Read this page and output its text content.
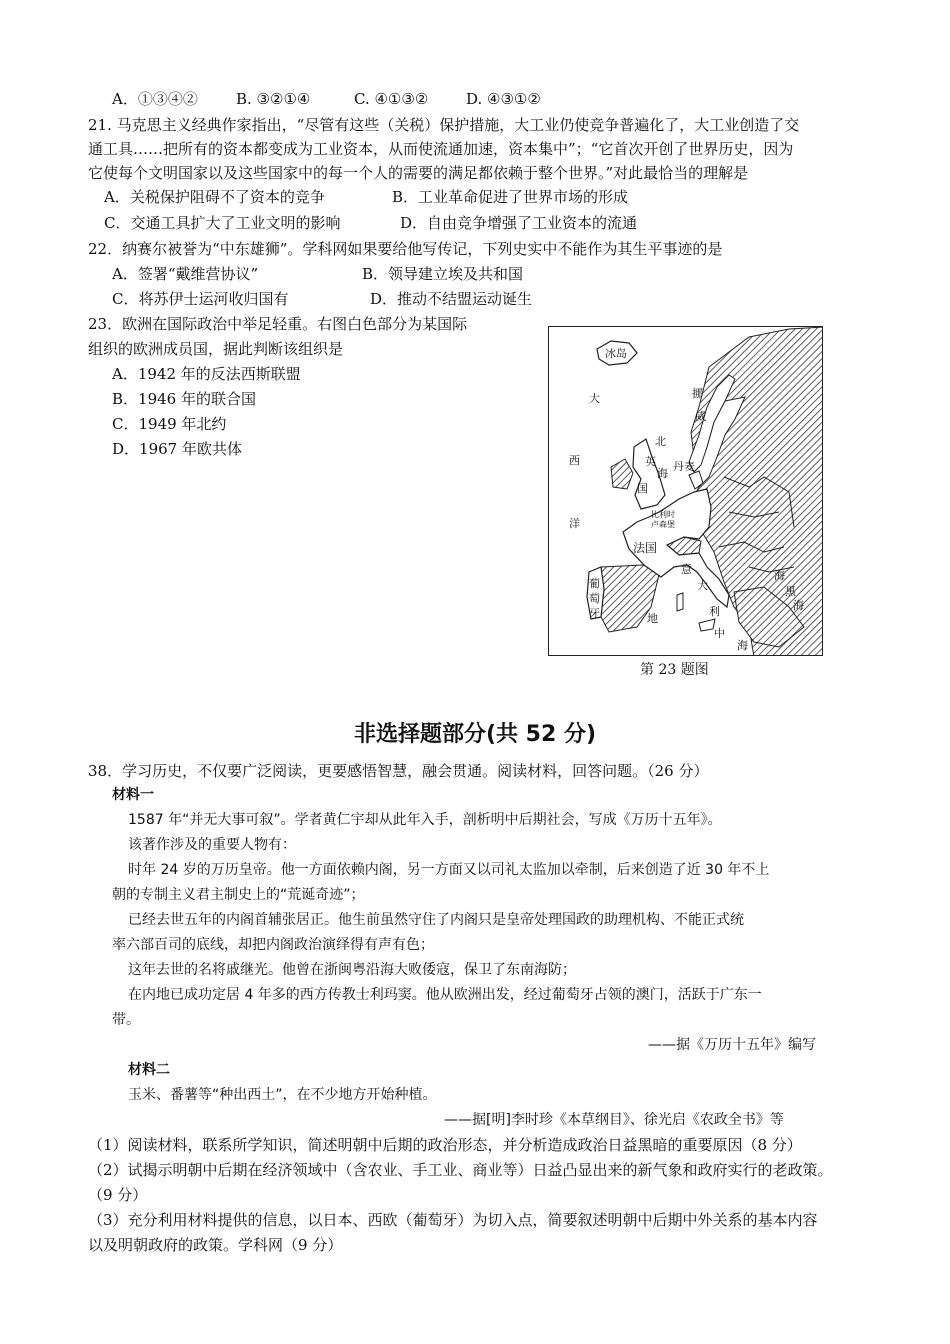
A．①③④②	B. ③②①④	C. ④①③②	D. ④③①②
21. 马克思主义经典作家指出，“尽管有这些（关税）保护措施，大工业仍使竞争普遍化了，大工业创造了交
通工具……把所有的资本都变成为工业资本，从而使流通加速，资本集中”；“它首次开创了世界历史，因为
它使每个文明国家以及这些国家中的每一个人的需要的满足都依赖于整个世界。”对此最恰当的理解是
A．关税保护阻碍不了资本的竞争	B．工业革命促进了世界市场的形成
C．交通工具扩大了工业文明的影响	D．自由竞争增强了工业资本的流通
22．纳赛尔被誉为“中东雄狮”。学科网如果要给他写传记，下列史实中不能作为其生平事迹的是
A．签署“戴维营协议”	B．领导建立埃及共和国
C．将苏伊士运河收归国有	D．推动不结盟运动诞生
23．欧洲在国际政治中举足轻重。右图白色部分为某国际
组织的欧洲成员国，据此判断该组织是
A．1942 年的反法西斯联盟
B．1946 年的联合国
C．1949 年北约
D．1967 年欧共体
冰岛
大
西
洋
挪
威
北
海
英
国
丹麦
比利时
卢森堡
法国
意
大
利
葡
萄
牙	地
中
海
海
黑
海
第 23 题图
非选择题部分(共 52 分)
38．学习历史，不仅要广泛阅读，更要感悟智慧，融会贯通。阅读材料，回答问题。（26 分）
材料一
1587 年“并无大事可叙”。学者黄仁宇却从此年入手，剖析明中后期社会，写成《万历十五年》。
该著作涉及的重要人物有：
时年 24 岁的万历皇帝。他一方面依赖内阁，另一方面又以司礼太监加以牵制，后来创造了近 30 年不上
朝的专制主义君主制史上的“荒诞奇迹”；
已经去世五年的内阁首辅张居正。他生前虽然守住了内阁只是皇帝处理国政的助理机构、不能正式统
率六部百司的底线，却把内阁政治演绎得有声有色；
这年去世的名将戚继光。他曾在浙闽粤沿海大败倭寇，保卫了东南海防；
在内地已成功定居 4 年多的西方传教士利玛窦。他从欧洲出发，经过葡萄牙占领的澳门，活跃于广东一
带。
——据《万历十五年》编写
材料二
玉米、番薯等“种出西土”，在不少地方开始种植。
——据[明]李时珍《本草纲目》、徐光启《农政全书》等
（1）阅读材料，联系所学知识，简述明朝中后期的政治形态，并分析造成政治日益黑暗的重要原因（8 分）
（2）试揭示明朝中后期在经济领域中（含农业、手工业、商业等）日益凸显出来的新气象和政府实行的老政策。
（9 分）
（3）充分利用材料提供的信息，以日本、西欧（葡萄牙）为切入点，简要叙述明朝中后期中外关系的基本内容
以及明朝政府的政策。学科网（9 分）
